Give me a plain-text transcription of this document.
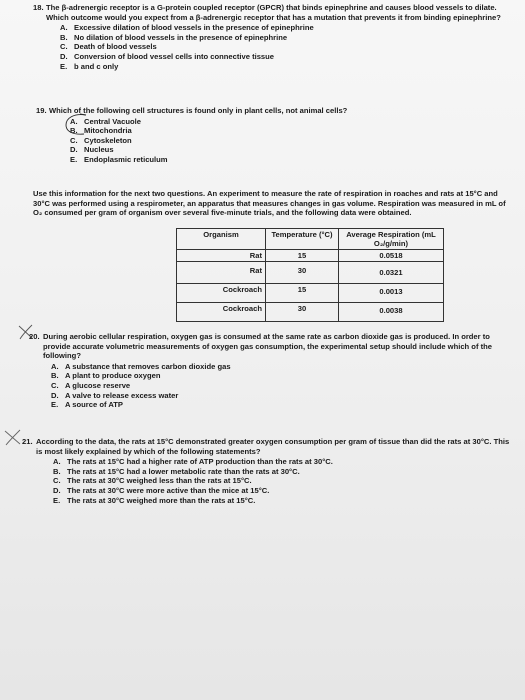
18. The β-adrenergic receptor is a G-protein coupled receptor (GPCR) that binds epinephrine and causes blood vessels to dilate. Which outcome would you expect from a β-adrenergic receptor that has a mutation that prevents it from binding epinephrine?
A. Excessive dilation of blood vessels in the presence of epinephrine
B. No dilation of blood vessels in the presence of epinephrine
C. Death of blood vessels
D. Conversion of blood vessel cells into connective tissue
E. b and c only
19. Which of the following cell structures is found only in plant cells, not animal cells?
A. Central Vacuole
B. Mitochondria
C. Cytoskeleton
D. Nucleus
E. Endoplasmic reticulum
Use this information for the next two questions. An experiment to measure the rate of respiration in roaches and rats at 15°C and 30°C was performed using a respirometer, an apparatus that measures changes in gas volume. Respiration was measured in mL of O₂ consumed per gram of organism over several five-minute trials, and the following data were obtained.
Organism	Temperature (°C)	Average Respiration (mL O₂/g/min)
Rat	15	0.0518
Rat	30	0.0321
Cockroach	15	0.0013
Cockroach	30	0.0038
20. During aerobic cellular respiration, oxygen gas is consumed at the same rate as carbon dioxide gas is produced. In order to provide accurate volumetric measurements of oxygen gas consumption, the experimental setup should include which of the following?
A. A substance that removes carbon dioxide gas
B. A plant to produce oxygen
C. A glucose reserve
D. A valve to release excess water
E. A source of ATP
21. According to the data, the rats at 15°C demonstrated greater oxygen consumption per gram of tissue than did the rats at 30°C. This is most likely explained by which of the following statements?
A. The rats at 15°C had a higher rate of ATP production than the rats at 30°C.
B. The rats at 15°C had a lower metabolic rate than the rats at 30°C.
C. The rats at 30°C weighed less than the rats at 15°C.
D. The rats at 30°C were more active than the mice at 15°C.
E. The rats at 30°C weighed more than the rats at 15°C.
